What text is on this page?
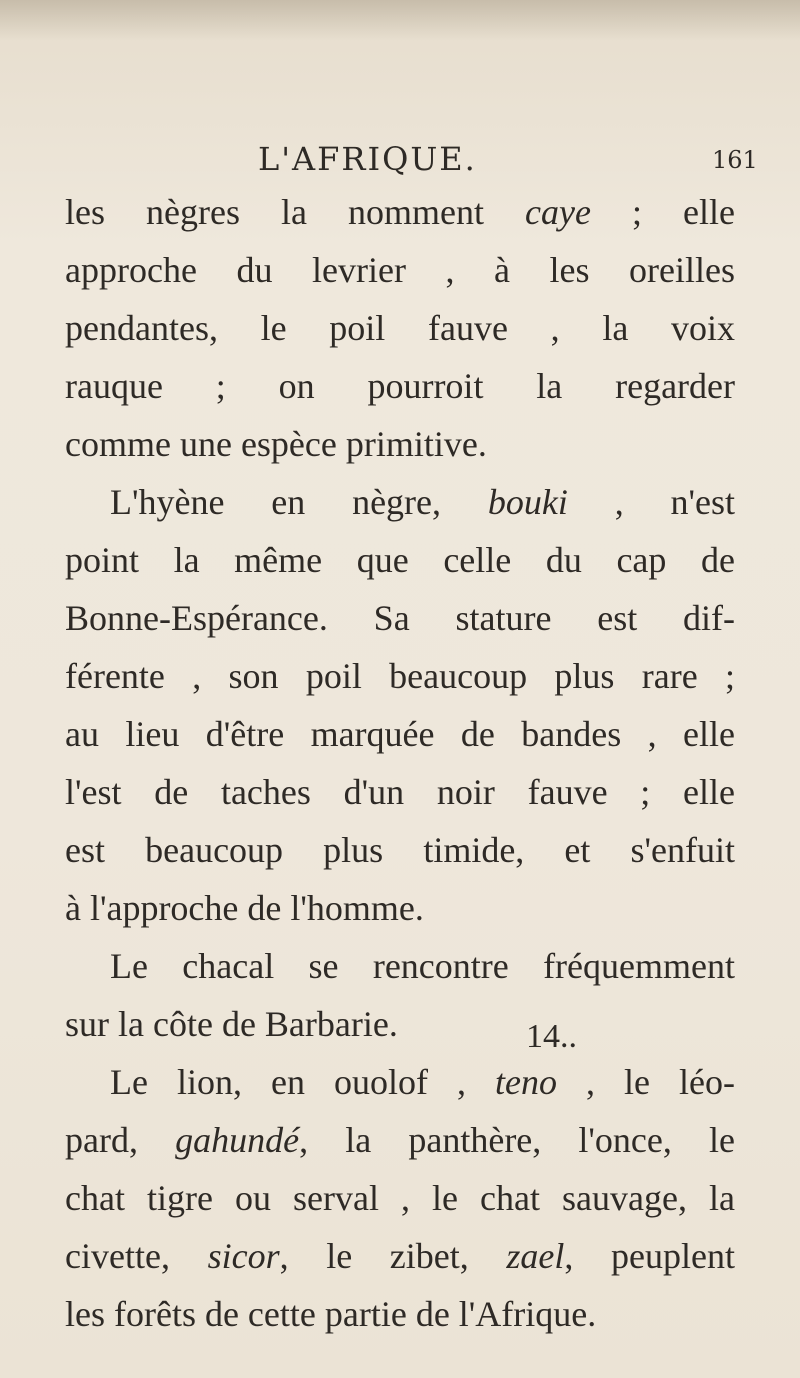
L'AFRIQUE.	161
les nègres la nomment caye ; elle
approche du levrier , à les oreilles
pendantes, le poil fauve , la voix
rauque ; on pourroit la regarder
comme une espèce primitive.
L'hyène en nègre, bouki , n'est
point la même que celle du cap de
Bonne-Espérance. Sa stature est dif-
férente , son poil beaucoup plus rare ;
au lieu d'être marquée de bandes , elle
l'est de taches d'un noir fauve ; elle
est beaucoup plus timide, et s'enfuit
à l'approche de l'homme.
Le chacal se rencontre fréquemment
sur la côte de Barbarie.
Le lion, en ouolof , teno , le léo-
pard, gahundé, la panthère, l'once, le
chat tigre ou serval , le chat sauvage, la
civette, sicor, le zibet, zael, peuplent
les forêts de cette partie de l'Afrique.
14..
